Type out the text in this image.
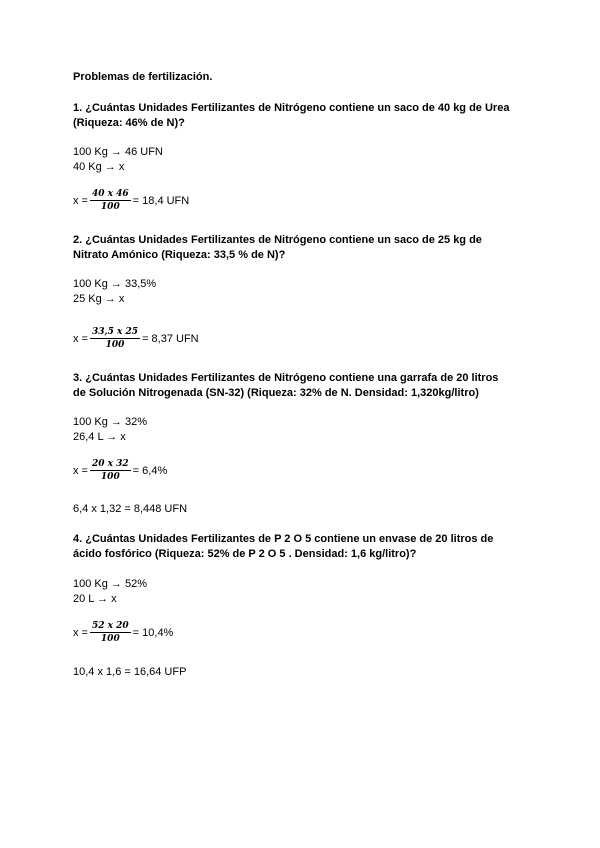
Problemas de fertilización.
1. ¿Cuántas Unidades Fertilizantes de Nitrógeno contiene un saco de 40 kg de Urea
(Riqueza: 46% de N)?
100 Kg → 46 UFN
40 Kg → x
$x = \frac{40 x 46}{100} = 18,4$ UFN
2. ¿Cuántas Unidades Fertilizantes de Nitrógeno contiene un saco de 25 kg de
Nitrato Amónico (Riqueza: 33,5 % de N)?
100 Kg → 33,5%
25 Kg → x
$x = \frac{33,5 x 25}{100} = 8,37$ UFN
3. ¿Cuántas Unidades Fertilizantes de Nitrógeno contiene una garrafa de 20 litros
de Solución Nitrogenada (SN-32) (Riqueza: 32% de N. Densidad: 1,320kg/litro)
100 Kg → 32%
26,4 L → x
$x = \frac{20 x 32}{100} = 6,4\%$
6,4 x 1,32 = 8,448 UFN
4. ¿Cuántas Unidades Fertilizantes de P 2 O 5 contiene un envase de 20 litros de
ácido fosfórico (Riqueza: 52% de P 2 O 5 . Densidad: 1,6 kg/litro)?
100 Kg → 52%
20 L → x
$x = \frac{52 x 20}{100} = 10,4\%$
10,4 x 1,6 = 16,64 UFP
